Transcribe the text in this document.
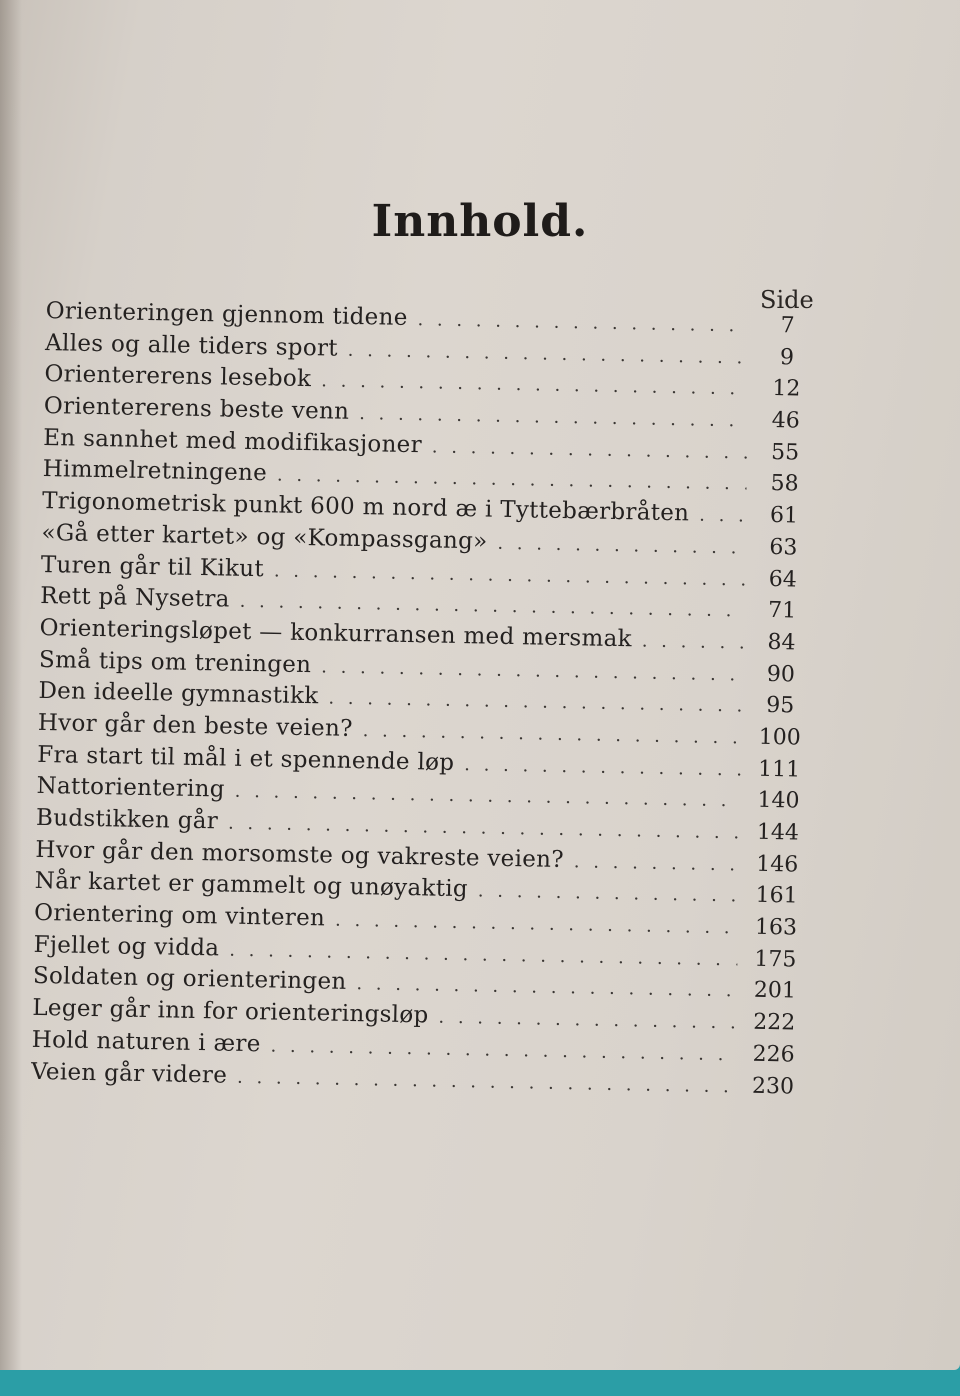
Innhold.
Side
Orienteringen gjennom tidene . . .	7
Alles og alle tiders sport . . .	9
Orientererens lesebok . . .	12
Orientererens beste venn . . .	46
En sannhet med modifikasjoner . . .	55
Himmelretningene . . .	58
Trigonometrisk punkt 600 m nord æ i Tyttebærbråten . . .	61
«Gå etter kartet» og «Kompassgang» . . .	63
Turen går til Kikut . . .	64
Rett på Nysetra . . .	71
Orienteringsløpet — konkurransen med mersmak . . .	84
Små tips om treningen . . .	90
Den ideelle gymnastikk . . .	95
Hvor går den beste veien? . . .	100
Fra start til mål i et spennende løp . . .	111
Nattorientering . . .	140
Budstikken går . . .	144
Hvor går den morsomste og vakreste veien? . . .	146
Når kartet er gammelt og unøyaktig . . .	161
Orientering om vinteren . . .	163
Fjellet og vidda . . .	175
Soldaten og orienteringen . . .	201
Leger går inn for orienteringsløp . . .	222
Hold naturen i ære . . .	226
Veien går videre . . .	230
